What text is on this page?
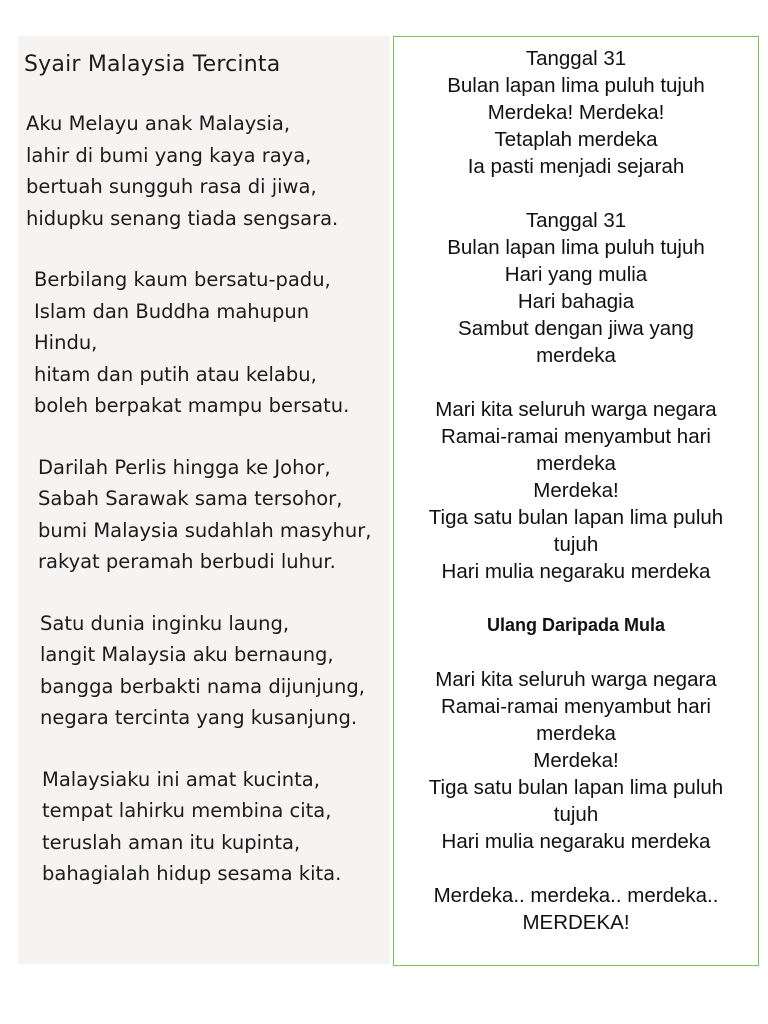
Syair Malaysia Tercinta
Aku Melayu anak Malaysia,
lahir di bumi yang kaya raya,
bertuah sungguh rasa di jiwa,
hidupku senang tiada sengsara.
Berbilang kaum bersatu-padu,
Islam dan Buddha mahupun
Hindu,
hitam dan putih atau kelabu,
boleh berpakat mampu bersatu.
Darilah Perlis hingga ke Johor,
Sabah Sarawak sama tersohor,
bumi Malaysia sudahlah masyhur,
rakyat peramah berbudi luhur.
Satu dunia inginku laung,
langit Malaysia aku bernaung,
bangga berbakti nama dijunjung,
negara tercinta yang kusanjung.
Malaysiaku ini amat kucinta,
tempat lahirku membina cita,
teruslah aman itu kupinta,
bahagialah hidup sesama kita.
Tanggal 31
Bulan lapan lima puluh tujuh
Merdeka! Merdeka!
Tetaplah merdeka
Ia pasti menjadi sejarah
Tanggal 31
Bulan lapan lima puluh tujuh
Hari yang mulia
Hari bahagia
Sambut dengan jiwa yang
merdeka
Mari kita seluruh warga negara
Ramai-ramai menyambut hari
merdeka
Merdeka!
Tiga satu bulan lapan lima puluh
tujuh
Hari mulia negaraku merdeka
Ulang Daripada Mula
Mari kita seluruh warga negara
Ramai-ramai menyambut hari
merdeka
Merdeka!
Tiga satu bulan lapan lima puluh
tujuh
Hari mulia negaraku merdeka
Merdeka.. merdeka.. merdeka..
MERDEKA!
